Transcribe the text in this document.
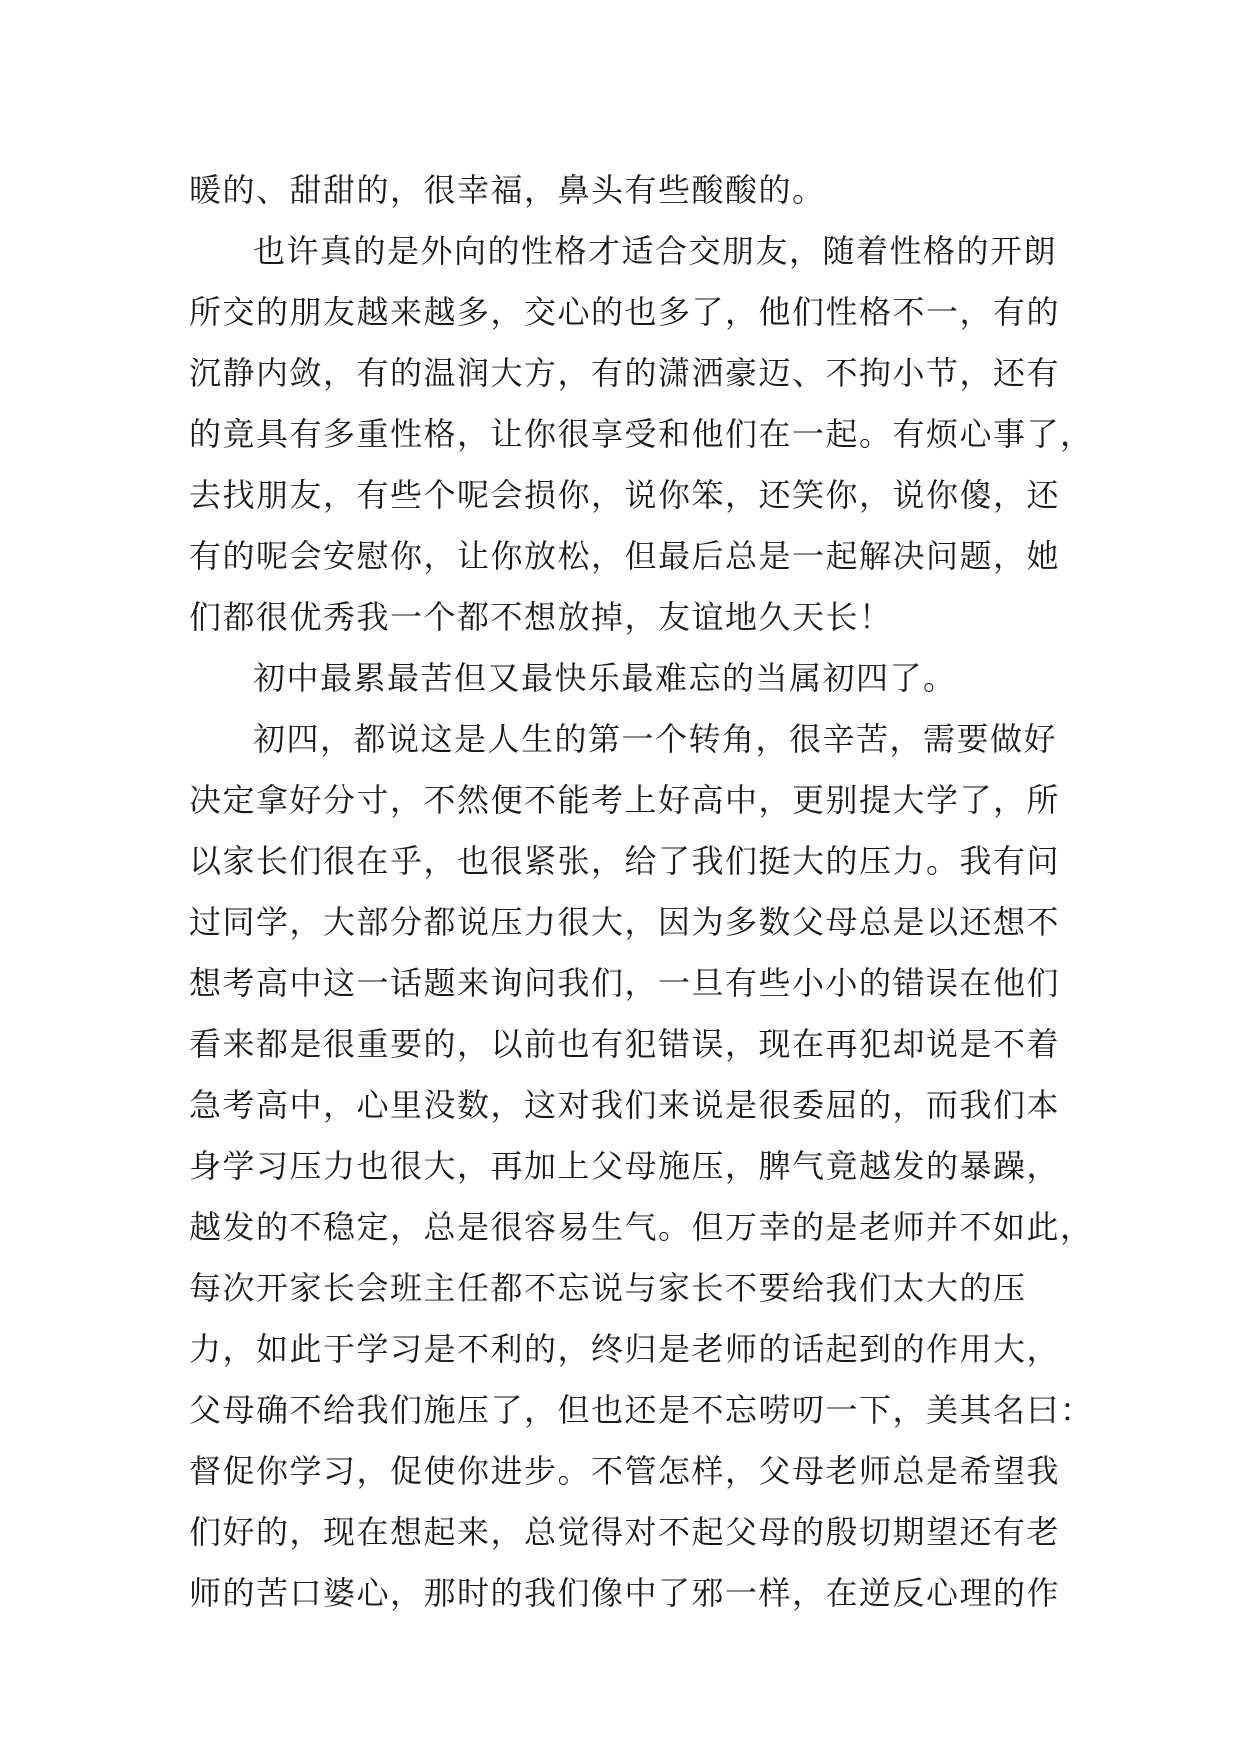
暖的、甜甜的，很幸福，鼻头有些酸酸的。
也许真的是外向的性格才适合交朋友，随着性格的开朗
所交的朋友越来越多，交心的也多了，他们性格不一，有的
沉静内敛，有的温润大方，有的潇洒豪迈、不拘小节，还有
的竟具有多重性格，让你很享受和他们在一起。有烦心事了，
去找朋友，有些个呢会损你，说你笨，还笑你，说你傻，还
有的呢会安慰你，让你放松，但最后总是一起解决问题，她
们都很优秀我一个都不想放掉，友谊地久天长！
初中最累最苦但又最快乐最难忘的当属初四了。
初四，都说这是人生的第一个转角，很辛苦，需要做好
决定拿好分寸，不然便不能考上好高中，更别提大学了，所
以家长们很在乎，也很紧张，给了我们挺大的压力。我有问
过同学，大部分都说压力很大，因为多数父母总是以还想不
想考高中这一话题来询问我们，一旦有些小小的错误在他们
看来都是很重要的，以前也有犯错误，现在再犯却说是不着
急考高中，心里没数，这对我们来说是很委屈的，而我们本
身学习压力也很大，再加上父母施压，脾气竟越发的暴躁，
越发的不稳定，总是很容易生气。但万幸的是老师并不如此，
每次开家长会班主任都不忘说与家长不要给我们太大的压
力，如此于学习是不利的，终归是老师的话起到的作用大，
父母确不给我们施压了，但也还是不忘唠叨一下，美其名曰：
督促你学习，促使你进步。不管怎样，父母老师总是希望我
们好的，现在想起来，总觉得对不起父母的殷切期望还有老
师的苦口婆心，那时的我们像中了邪一样，在逆反心理的作
